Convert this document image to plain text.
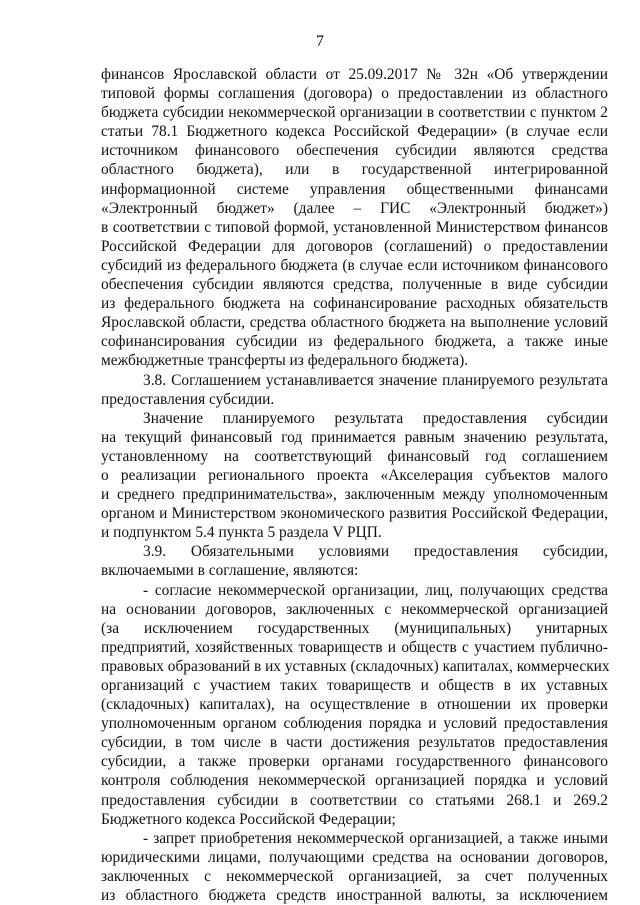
7
финансов Ярославской области от 25.09.2017 № 32н «Об утверждении
типовой формы соглашения (договора) о предоставлении из областного
бюджета субсидии некоммерческой организации в соответствии с пунктом 2
статьи 78.1 Бюджетного кодекса Российской Федерации» (в случае если
источником финансового обеспечения субсидии являются средства
областного бюджета), или в государственной интегрированной
информационной системе управления общественными финансами
«Электронный бюджет» (далее – ГИС «Электронный бюджет»)
в соответствии с типовой формой, установленной Министерством финансов
Российской Федерации для договоров (соглашений) о предоставлении
субсидий из федерального бюджета (в случае если источником финансового
обеспечения субсидии являются средства, полученные в виде субсидии
из федерального бюджета на софинансирование расходных обязательств
Ярославской области, средства областного бюджета на выполнение условий
софинансирования субсидии из федерального бюджета, а также иные
межбюджетные трансферты из федерального бюджета).
3.8. Соглашением устанавливается значение планируемого результата
предоставления субсидии.
Значение планируемого результата предоставления субсидии
на текущий финансовый год принимается равным значению результата,
установленному на соответствующий финансовый год соглашением
о реализации регионального проекта «Акселерация субъектов малого
и среднего предпринимательства», заключенным между уполномоченным
органом и Министерством экономического развития Российской Федерации,
и подпунктом 5.4 пункта 5 раздела V РЦП.
3.9. Обязательными условиями предоставления субсидии,
включаемыми в соглашение, являются:
- согласие некоммерческой организации, лиц, получающих средства
на основании договоров, заключенных с некоммерческой организацией
(за исключением государственных (муниципальных) унитарных
предприятий, хозяйственных товариществ и обществ с участием публично-
правовых образований в их уставных (складочных) капиталах, коммерческих
организаций с участием таких товариществ и обществ в их уставных
(складочных) капиталах), на осуществление в отношении их проверки
уполномоченным органом соблюдения порядка и условий предоставления
субсидии, в том числе в части достижения результатов предоставления
субсидии, а также проверки органами государственного финансового
контроля соблюдения некоммерческой организацией порядка и условий
предоставления субсидии в соответствии со статьями 268.1 и 269.2
Бюджетного кодекса Российской Федерации;
- запрет приобретения некоммерческой организацией, а также иными
юридическими лицами, получающими средства на основании договоров,
заключенных с некоммерческой организацией, за счет полученных
из областного бюджета средств иностранной валюты, за исключением
